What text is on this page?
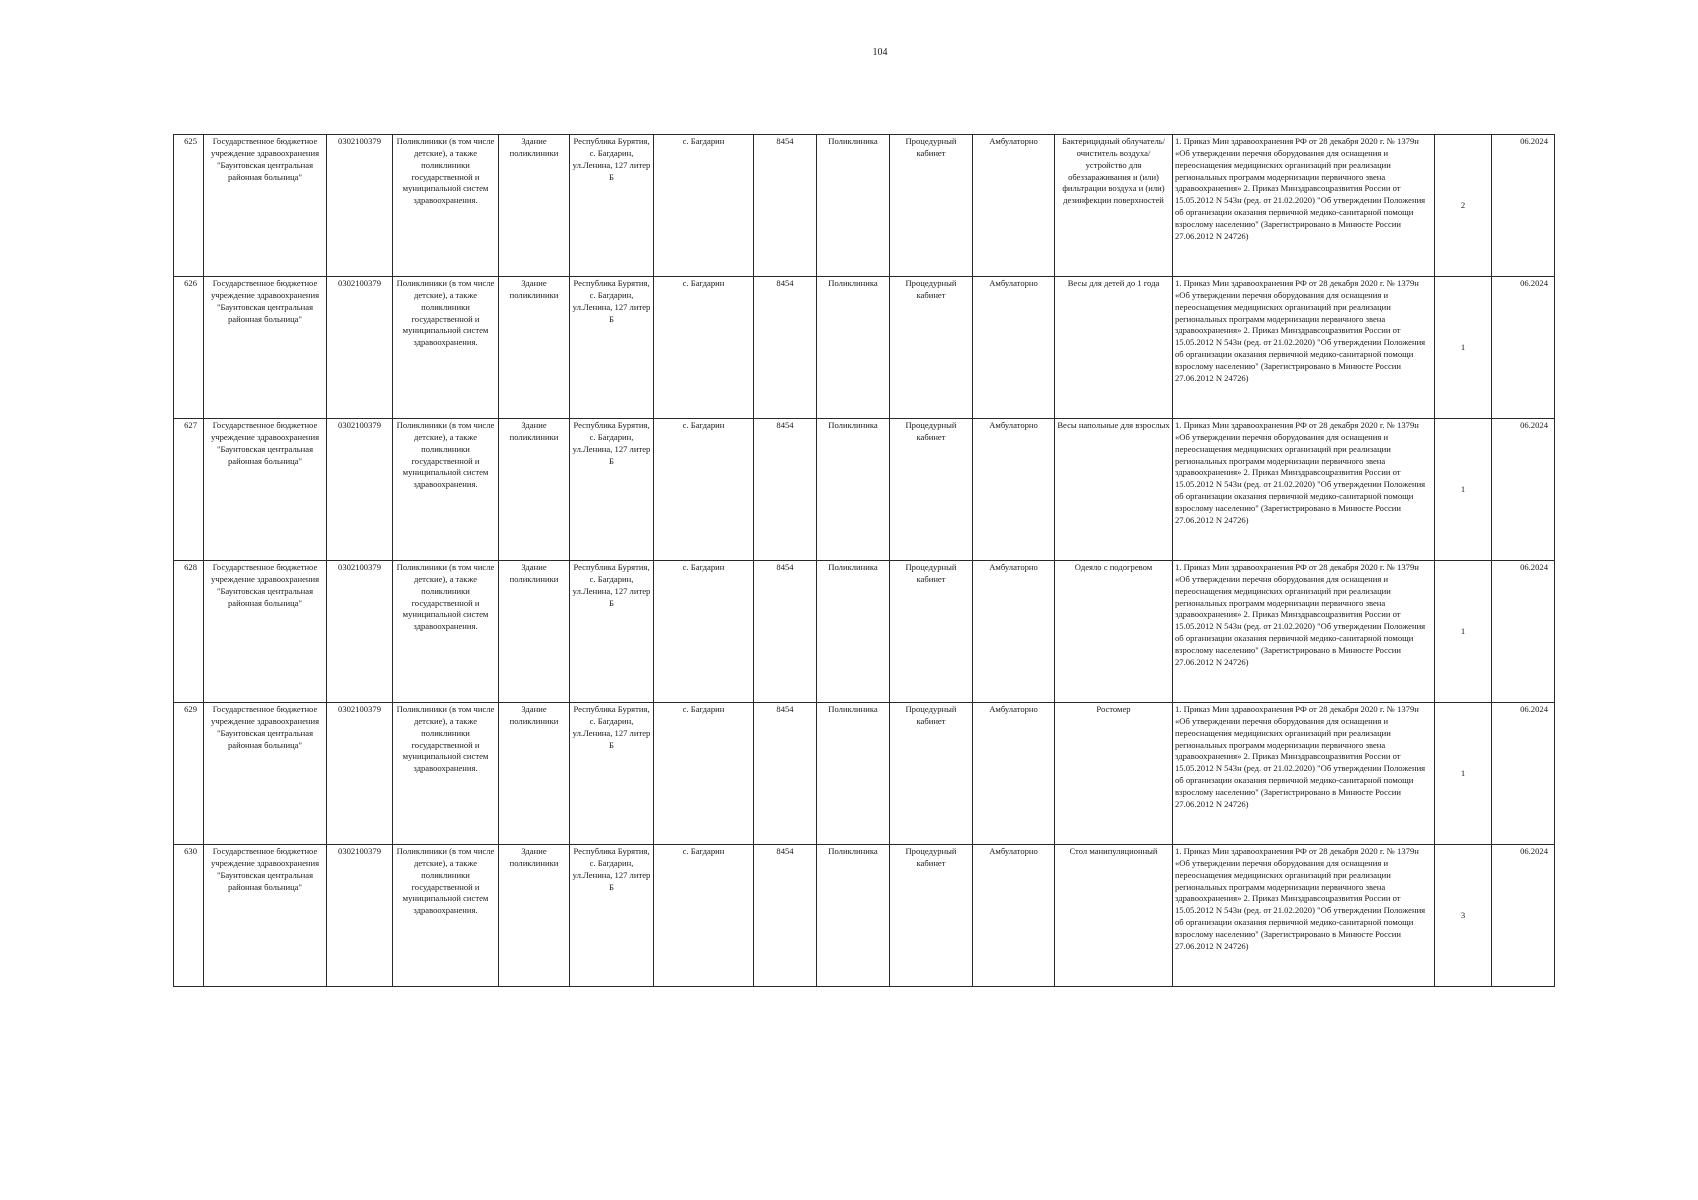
104
625	Государственное бюджетное учреждение здравоохранения "Баунтовская центральная районная больница"	0302100379	Поликлиники (в том числе детские), а также поликлиники государственной и муниципальной систем здравоохранения.	Здание поликлиники	Республика Бурятия, с. Багдарин, ул.Ленина, 127 литер Б	с. Багдарин	8454	Поликлиника	Процедурный кабинет	Амбулаторно	Бактерицидный облучатель/очиститель воздуха/устройство для обеззараживания и (или) фильтрации воздуха и (или) дезинфекции поверхностей	1. Приказ Мин здравоохранения РФ от 28 декабря 2020 г. № 1379н «Об утверждении перечня оборудования для оснащения и переоснащения медицинских организаций при реализации региональных программ модернизации первичного звена здравоохранения» 2. Приказ Минздравсоцразвития России от 15.05.2012 N 543н (ред. от 21.02.2020) "Об утверждении Положения об организации оказания первичной медико-санитарной помощи взрослому населению" (Зарегистрировано в Минюсте России 27.06.2012 N 24726)	2	06.2024
626	Государственное бюджетное учреждение здравоохранения "Баунтовская центральная районная больница"	0302100379	Поликлиники (в том числе детские), а также поликлиники государственной и муниципальной систем здравоохранения.	Здание поликлиники	Республика Бурятия, с. Багдарин, ул.Ленина, 127 литер Б	с. Багдарин	8454	Поликлиника	Процедурный кабинет	Амбулаторно	Весы для детей до 1 года	1. Приказ Мин здравоохранения РФ от 28 декабря 2020 г. № 1379н «Об утверждении перечня оборудования для оснащения и переоснащения медицинских организаций при реализации региональных программ модернизации первичного звена здравоохранения» 2. Приказ Минздравсоцразвития России от 15.05.2012 N 543н (ред. от 21.02.2020) "Об утверждении Положения об организации оказания первичной медико-санитарной помощи взрослому населению" (Зарегистрировано в Минюсте России 27.06.2012 N 24726)	1	06.2024
627	Государственное бюджетное учреждение здравоохранения "Баунтовская центральная районная больница"	0302100379	Поликлиники (в том числе детские), а также поликлиники государственной и муниципальной систем здравоохранения.	Здание поликлиники	Республика Бурятия, с. Багдарин, ул.Ленина, 127 литер Б	с. Багдарин	8454	Поликлиника	Процедурный кабинет	Амбулаторно	Весы напольные для взрослых	1. Приказ Мин здравоохранения РФ от 28 декабря 2020 г. № 1379н «Об утверждении перечня оборудования для оснащения и переоснащения медицинских организаций при реализации региональных программ модернизации первичного звена здравоохранения» 2. Приказ Минздравсоцразвития России от 15.05.2012 N 543н (ред. от 21.02.2020) "Об утверждении Положения об организации оказания первичной медико-санитарной помощи взрослому населению" (Зарегистрировано в Минюсте России 27.06.2012 N 24726)	1	06.2024
628	Государственное бюджетное учреждение здравоохранения "Баунтовская центральная районная больница"	0302100379	Поликлиники (в том числе детские), а также поликлиники государственной и муниципальной систем здравоохранения.	Здание поликлиники	Республика Бурятия, с. Багдарин, ул.Ленина, 127 литер Б	с. Багдарин	8454	Поликлиника	Процедурный кабинет	Амбулаторно	Одеяло с подогревом	1. Приказ Мин здравоохранения РФ от 28 декабря 2020 г. № 1379н «Об утверждении перечня оборудования для оснащения и переоснащения медицинских организаций при реализации региональных программ модернизации первичного звена здравоохранения» 2. Приказ Минздравсоцразвития России от 15.05.2012 N 543н (ред. от 21.02.2020) "Об утверждении Положения об организации оказания первичной медико-санитарной помощи взрослому населению" (Зарегистрировано в Минюсте России 27.06.2012 N 24726)	1	06.2024
629	Государственное бюджетное учреждение здравоохранения "Баунтовская центральная районная больница"	0302100379	Поликлиники (в том числе детские), а также поликлиники государственной и муниципальной систем здравоохранения.	Здание поликлиники	Республика Бурятия, с. Багдарин, ул.Ленина, 127 литер Б	с. Багдарин	8454	Поликлиника	Процедурный кабинет	Амбулаторно	Ростомер	1. Приказ Мин здравоохранения РФ от 28 декабря 2020 г. № 1379н «Об утверждении перечня оборудования для оснащения и переоснащения медицинских организаций при реализации региональных программ модернизации первичного звена здравоохранения» 2. Приказ Минздравсоцразвития России от 15.05.2012 N 543н (ред. от 21.02.2020) "Об утверждении Положения об организации оказания первичной медико-санитарной помощи взрослому населению" (Зарегистрировано в Минюсте России 27.06.2012 N 24726)	1	06.2024
630	Государственное бюджетное учреждение здравоохранения "Баунтовская центральная районная больница"	0302100379	Поликлиники (в том числе детские), а также поликлиники государственной и муниципальной систем здравоохранения.	Здание поликлиники	Республика Бурятия, с. Багдарин, ул.Ленина, 127 литер Б	с. Багдарин	8454	Поликлиника	Процедурный кабинет	Амбулаторно	Стол манипуляционный	1. Приказ Мин здравоохранения РФ от 28 декабря 2020 г. № 1379н «Об утверждении перечня оборудования для оснащения и переоснащения медицинских организаций при реализации региональных программ модернизации первичного звена здравоохранения» 2. Приказ Минздравсоцразвития России от 15.05.2012 N 543н (ред. от 21.02.2020) "Об утверждении Положения об организации оказания первичной медико-санитарной помощи взрослому населению" (Зарегистрировано в Минюсте России 27.06.2012 N 24726)	3	06.2024
